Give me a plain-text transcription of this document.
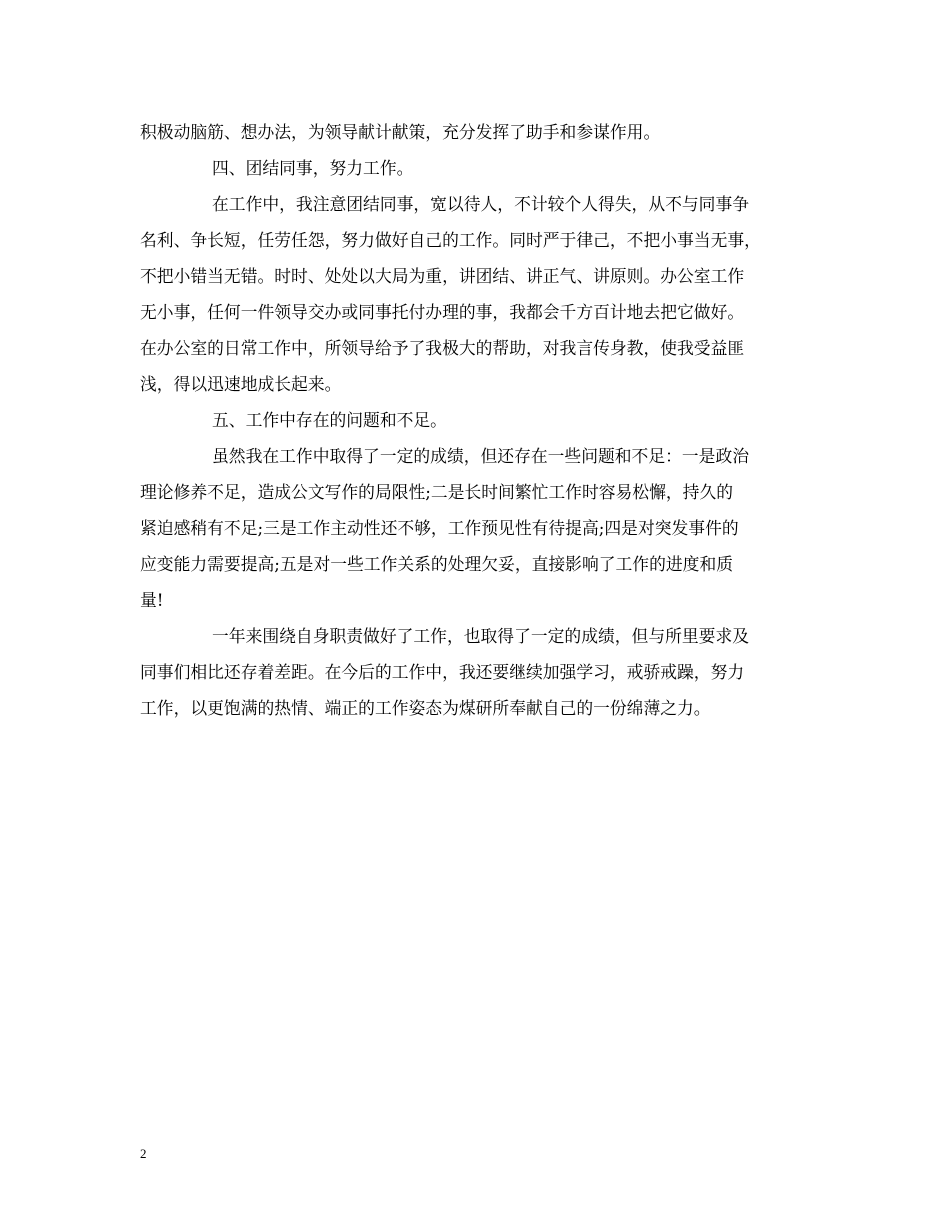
积极动脑筋、想办法，为领导献计献策，充分发挥了助手和参谋作用。
四、团结同事，努力工作。
在工作中，我注意团结同事，宽以待人，不计较个人得失，从不与同事争
名利、争长短，任劳任怨，努力做好自己的工作。同时严于律己，不把小事当无事，
不把小错当无错。时时、处处以大局为重，讲团结、讲正气、讲原则。办公室工作
无小事，任何一件领导交办或同事托付办理的事，我都会千方百计地去把它做好。
在办公室的日常工作中，所领导给予了我极大的帮助，对我言传身教，使我受益匪
浅，得以迅速地成长起来。
五、工作中存在的问题和不足。
虽然我在工作中取得了一定的成绩，但还存在一些问题和不足：一是政治
理论修养不足，造成公文写作的局限性;二是长时间繁忙工作时容易松懈，持久的
紧迫感稍有不足;三是工作主动性还不够，工作预见性有待提高;四是对突发事件的
应变能力需要提高;五是对一些工作关系的处理欠妥，直接影响了工作的进度和质
量!
一年来围绕自身职责做好了工作，也取得了一定的成绩，但与所里要求及
同事们相比还存着差距。在今后的工作中，我还要继续加强学习，戒骄戒躁，努力
工作，以更饱满的热情、端正的工作姿态为煤研所奉献自己的一份绵薄之力。
2
